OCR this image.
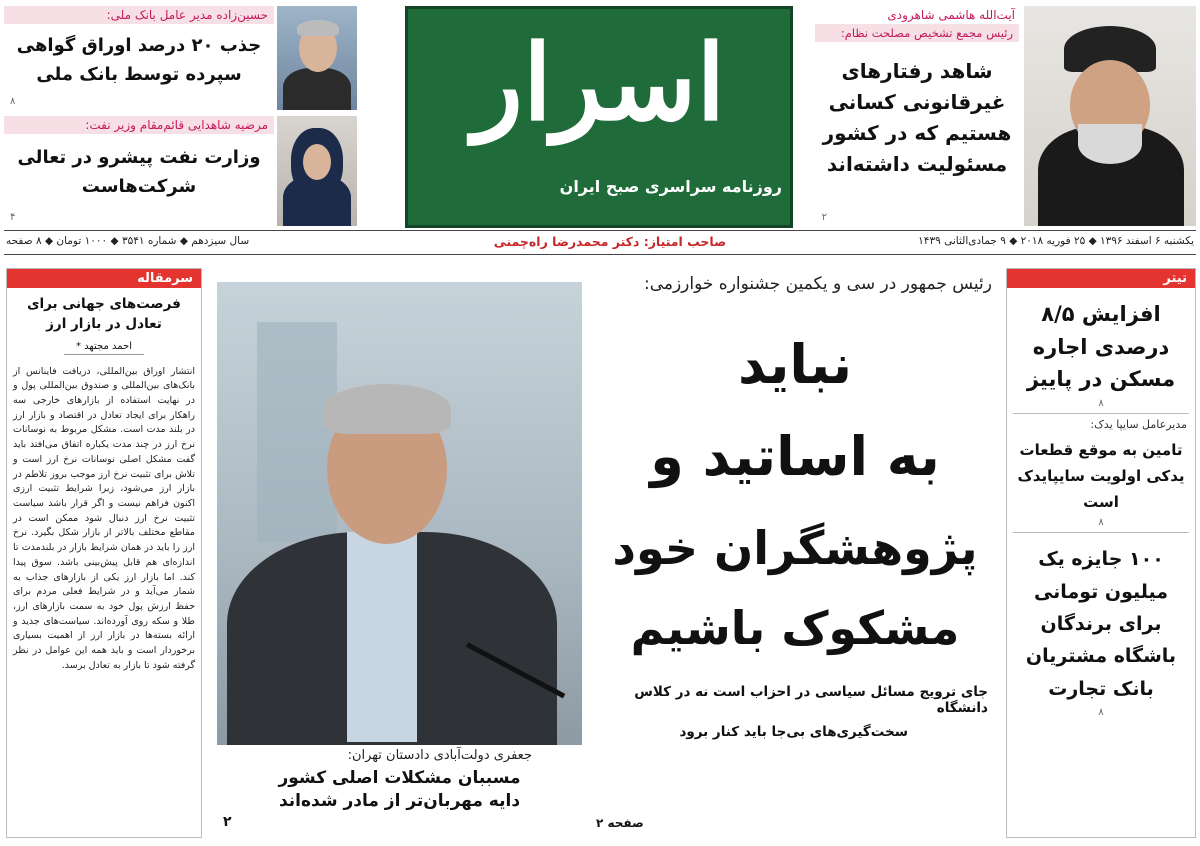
آیت‌الله هاشمی شاهرودی
رئیس مجمع تشخیص مصلحت نظام:
شاهد رفتارهای غیرقانونی کسانی هستیم که در کشور مسئولیت داشته‌اند
۲
اسرار
روزنامه سراسری صبح ایران
حسین‌زاده مدیر عامل بانک ملی:
جذب ۲۰ درصد اوراق گواهی سپرده توسط بانک ملی
۸
مرضیه شاهدایی قائم‌مقام وزیر نفت:
وزارت نفت پیشرو در تعالی شرکت‌هاست
۴
یکشنبه ۶ اسفند ۱۳۹۶ ◆ ۲۵ فوریه ۲۰۱۸ ◆ ۹ جمادی‌الثانی ۱۴۳۹
صاحب امتیاز: دکتر محمدرضا راه‌چمنی
سال سیزدهم ◆ شماره ۳۵۴۱ ◆ ۱۰۰۰ تومان ◆ ۸ صفحه
سرمقاله
فرصت‌های جهانی برای تعادل در بازار ارز
احمد مجتهد *
انتشار اوراق بین‌المللی، دریافت فاینانس از بانک‌های بین‌المللی و صندوق بین‌المللی پول و در نهایت استفاده از بازارهای خارجی سه راهکار برای ایجاد تعادل در اقتصاد و بازار ارز در بلند مدت است. مشکل مربوط به نوسانات نرخ ارز در چند مدت یکباره اتفاق می‌افتد باید گفت مشکل اصلی نوسانات نرخ ارز است و تلاش برای تثبیت نرخ ارز موجب بروز تلاطم در بازار ارز می‌شود، زیرا شرایط تثبیت ارزی اکنون فراهم نیست و اگر قرار باشد سیاست تثبیت نرخ ارز دنبال شود ممکن است در مقاطع مختلف بالاتر از بازار شکل بگیرد. نرخ ارز را باید در همان شرایط بازار در بلندمدت تا اندازه‌ای هم قابل پیش‌بینی باشد. سوق پیدا کند. اما بازار ارز یکی از بازارهای جذاب به شمار می‌آید و در شرایط فعلی مردم برای حفظ ارزش پول خود به سمت بازارهای ارز، طلا و سکه روی آورده‌اند. سیاست‌های جدید و ارائه بسته‌ها در بازار ارز از اهمیت بسیاری برخوردار است و باید همه این عوامل در نظر گرفته شود تا بازار به تعادل برسد.
جعفری دولت‌آبادی دادستان تهران:
مسببان مشکلات اصلی کشور
دایه مهربان‌تر از مادر شده‌اند
۲
رئیس جمهور در سی و یکمین جشنواره خوارزمی:
نباید
به اساتید و
پژوهشگران خود
مشکوک باشیم
جای ترویج مسائل سیاسی در احزاب است نه در کلاس دانشگاه
سخت‌گیری‌های بی‌جا باید کنار برود
صفحه ۲
تیتر
افزایش ۸/۵ درصدی اجاره مسکن در پاییز
۸
مدیرعامل سایپا یدک:
تامین به موقع قطعات یدکی اولویت سایپایدک است
۸
۱۰۰ جایزه یک میلیون تومانی برای برندگان باشگاه مشتریان بانک تجارت
۸
